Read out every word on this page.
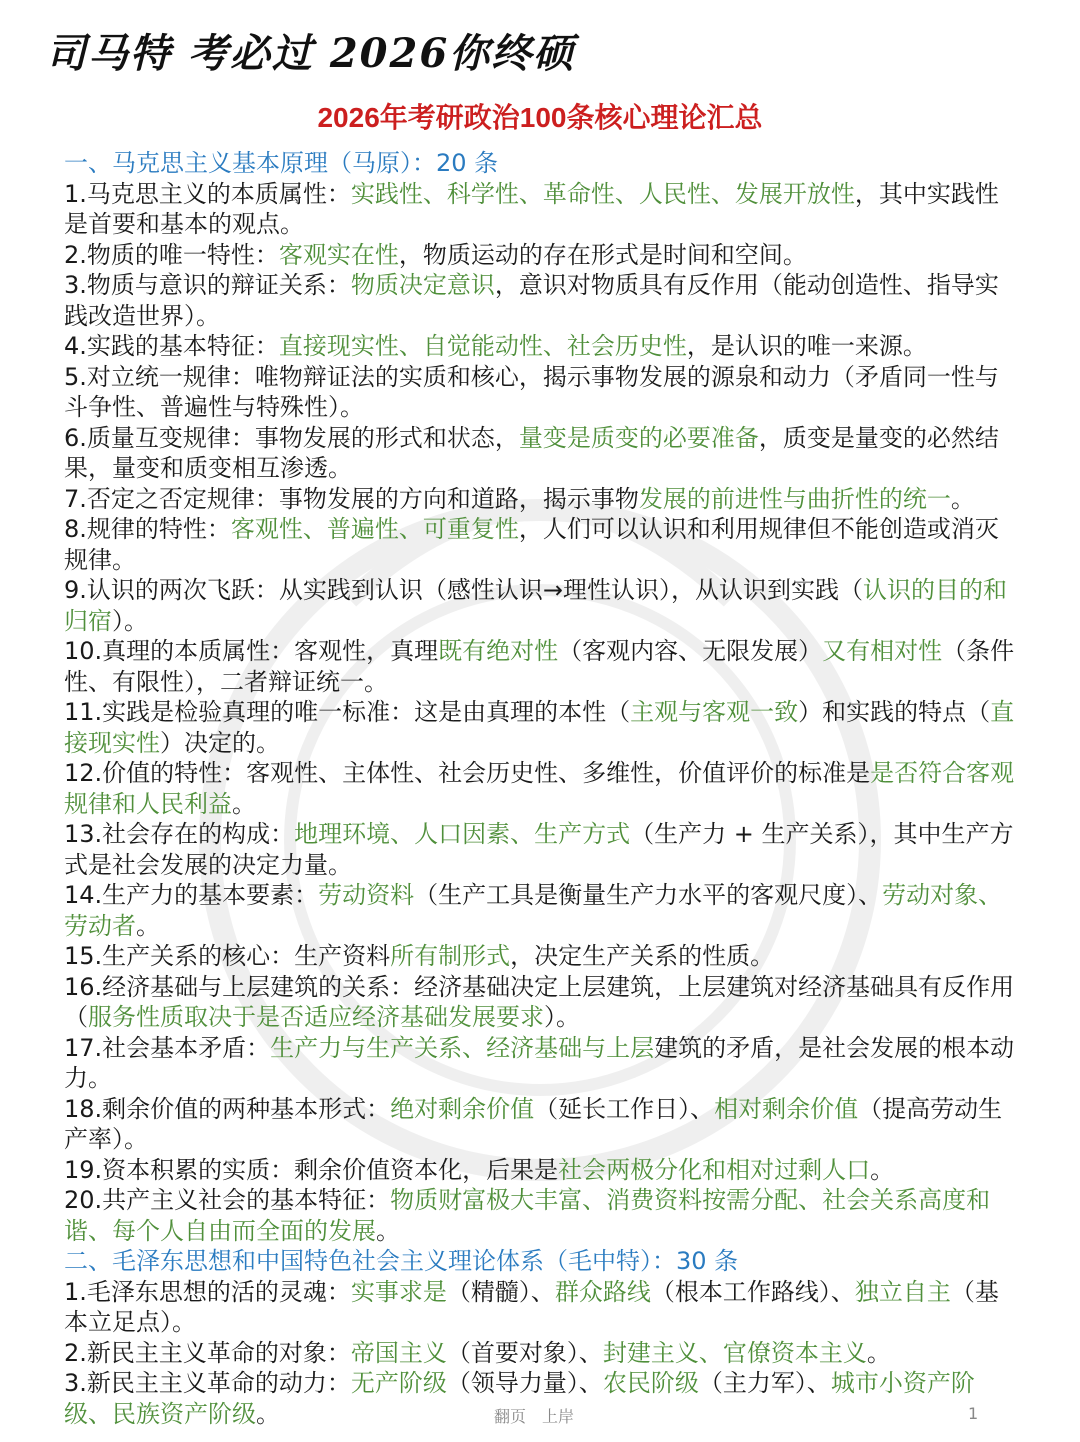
司马特 考必过 2026你终硕
2026年考研政治100条核心理论汇总

一、马克思主义基本原理（马原）：20 条

1.马克思主义的本质属性：实践性、科学性、革命性、人民性、发展开放性，其中实践性是首要和基本的观点。

2.物质的唯一特性：客观实在性，物质运动的存在形式是时间和空间。

3.物质与意识的辩证关系：物质决定意识，意识对物质具有反作用（能动创造性、指导实践改造世界）。

4.实践的基本特征：直接现实性、自觉能动性、社会历史性，是认识的唯一来源。

5.对立统一规律：唯物辩证法的实质和核心，揭示事物发展的源泉和动力（矛盾同一性与斗争性、普遍性与特殊性）。

6.质量互变规律：事物发展的形式和状态，量变是质变的必要准备，质变是量变的必然结果，量变和质变相互渗透。

7.否定之否定规律：事物发展的方向和道路，揭示事物发展的前进性与曲折性的统一。

8.规律的特性：客观性、普遍性、可重复性，人们可以认识和利用规律但不能创造或消灭规律。

9.认识的两次飞跃：从实践到认识（感性认识→理性认识），从认识到实践（认识的目的和归宿）。

10.真理的本质属性：客观性，真理既有绝对性（客观内容、无限发展）又有相对性（条件性、有限性），二者辩证统一。

11.实践是检验真理的唯一标准：这是由真理的本性（主观与客观一致）和实践的特点（直接现实性）决定的。

12.价值的特性：客观性、主体性、社会历史性、多维性，价值评价的标准是是否符合客观规律和人民利益。

13.社会存在的构成：地理环境、人口因素、生产方式（生产力 + 生产关系），其中生产方式是社会发展的决定力量。

14.生产力的基本要素：劳动资料（生产工具是衡量生产力水平的客观尺度）、劳动对象、劳动者。

15.生产关系的核心：生产资料所有制形式，决定生产关系的性质。

16.经济基础与上层建筑的关系：经济基础决定上层建筑，上层建筑对经济基础具有反作用（服务性质取决于是否适应经济基础发展要求）。

17.社会基本矛盾：生产力与生产关系、经济基础与上层建筑的矛盾，是社会发展的根本动力。

18.剩余价值的两种基本形式：绝对剩余价值（延长工作日）、相对剩余价值（提高劳动生产率）。

19.资本积累的实质：剩余价值资本化，后果是社会两极分化和相对过剩人口。

20.共产主义社会的基本特征：物质财富极大丰富、消费资料按需分配、社会关系高度和谐、每个人自由而全面的发展。

二、毛泽东思想和中国特色社会主义理论体系（毛中特）：30 条

1.毛泽东思想的活的灵魂：实事求是（精髓）、群众路线（根本工作路线）、独立自主（基本立足点）。

2.新民主主义革命的对象：帝国主义（首要对象）、封建主义、官僚资本主义。

3.新民主主义革命的动力：无产阶级（领导力量）、农民阶级（主力军）、城市小资产阶级、民族资产阶级。	翻页　上岸	1
